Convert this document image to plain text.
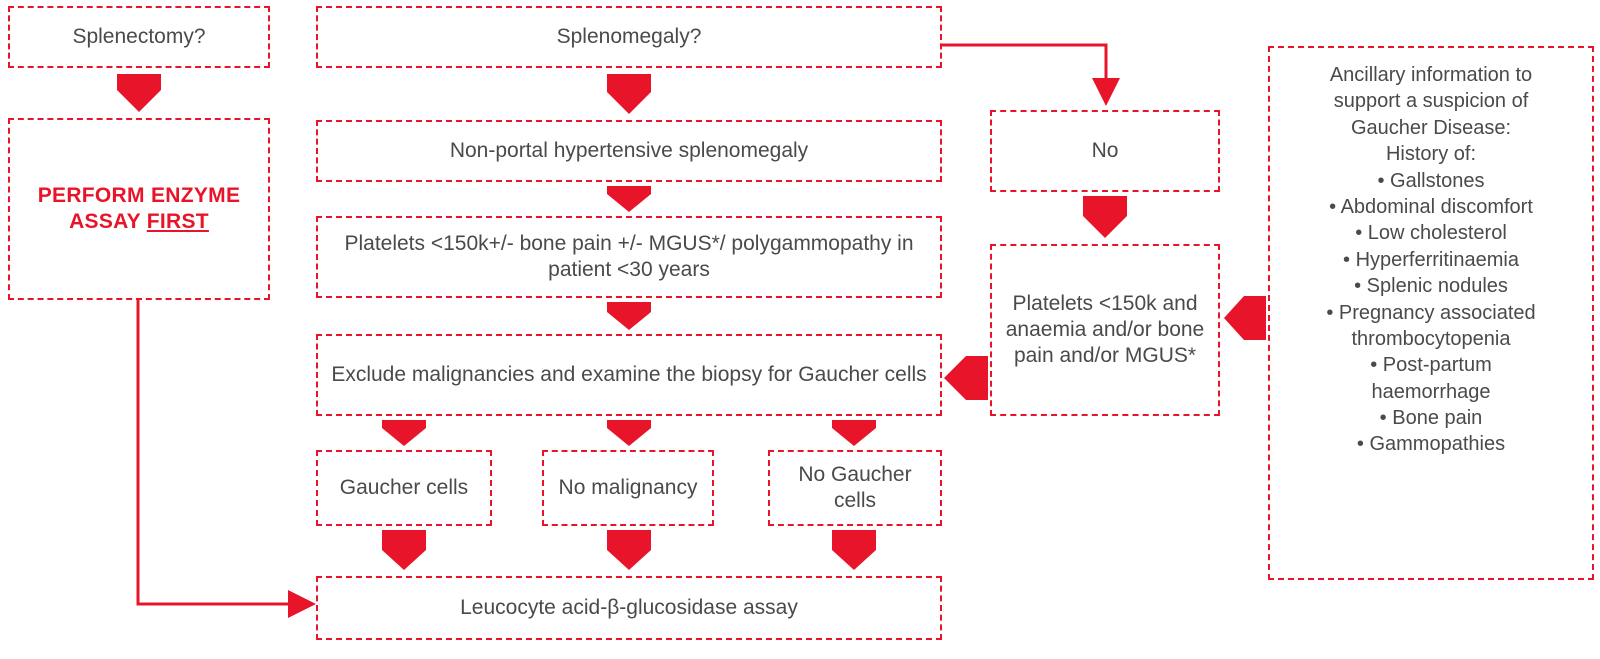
Splenectomy?
PERFORM ENZYME ASSAY FIRST
Splenomegaly?
Non-portal hypertensive splenomegaly
Platelets <150k+/- bone pain +/- MGUS*/ polygammopathy in patient <30 years
Exclude malignancies and examine the biopsy for Gaucher cells
Gaucher cells	No malignancy
No Gaucher cells
Leucocyte acid-β-glucosidase assay
No
Platelets <150k and anaemia and/or bone pain and/or MGUS*
Ancillary information to
support a suspicion of
Gaucher Disease:
History of:
• Gallstones
• Abdominal discomfort
• Low cholesterol
• Hyperferritinaemia
• Splenic nodules
• Pregnancy associated
thrombocytopenia
• Post-partum
haemorrhage
• Bone pain
• Gammopathies
